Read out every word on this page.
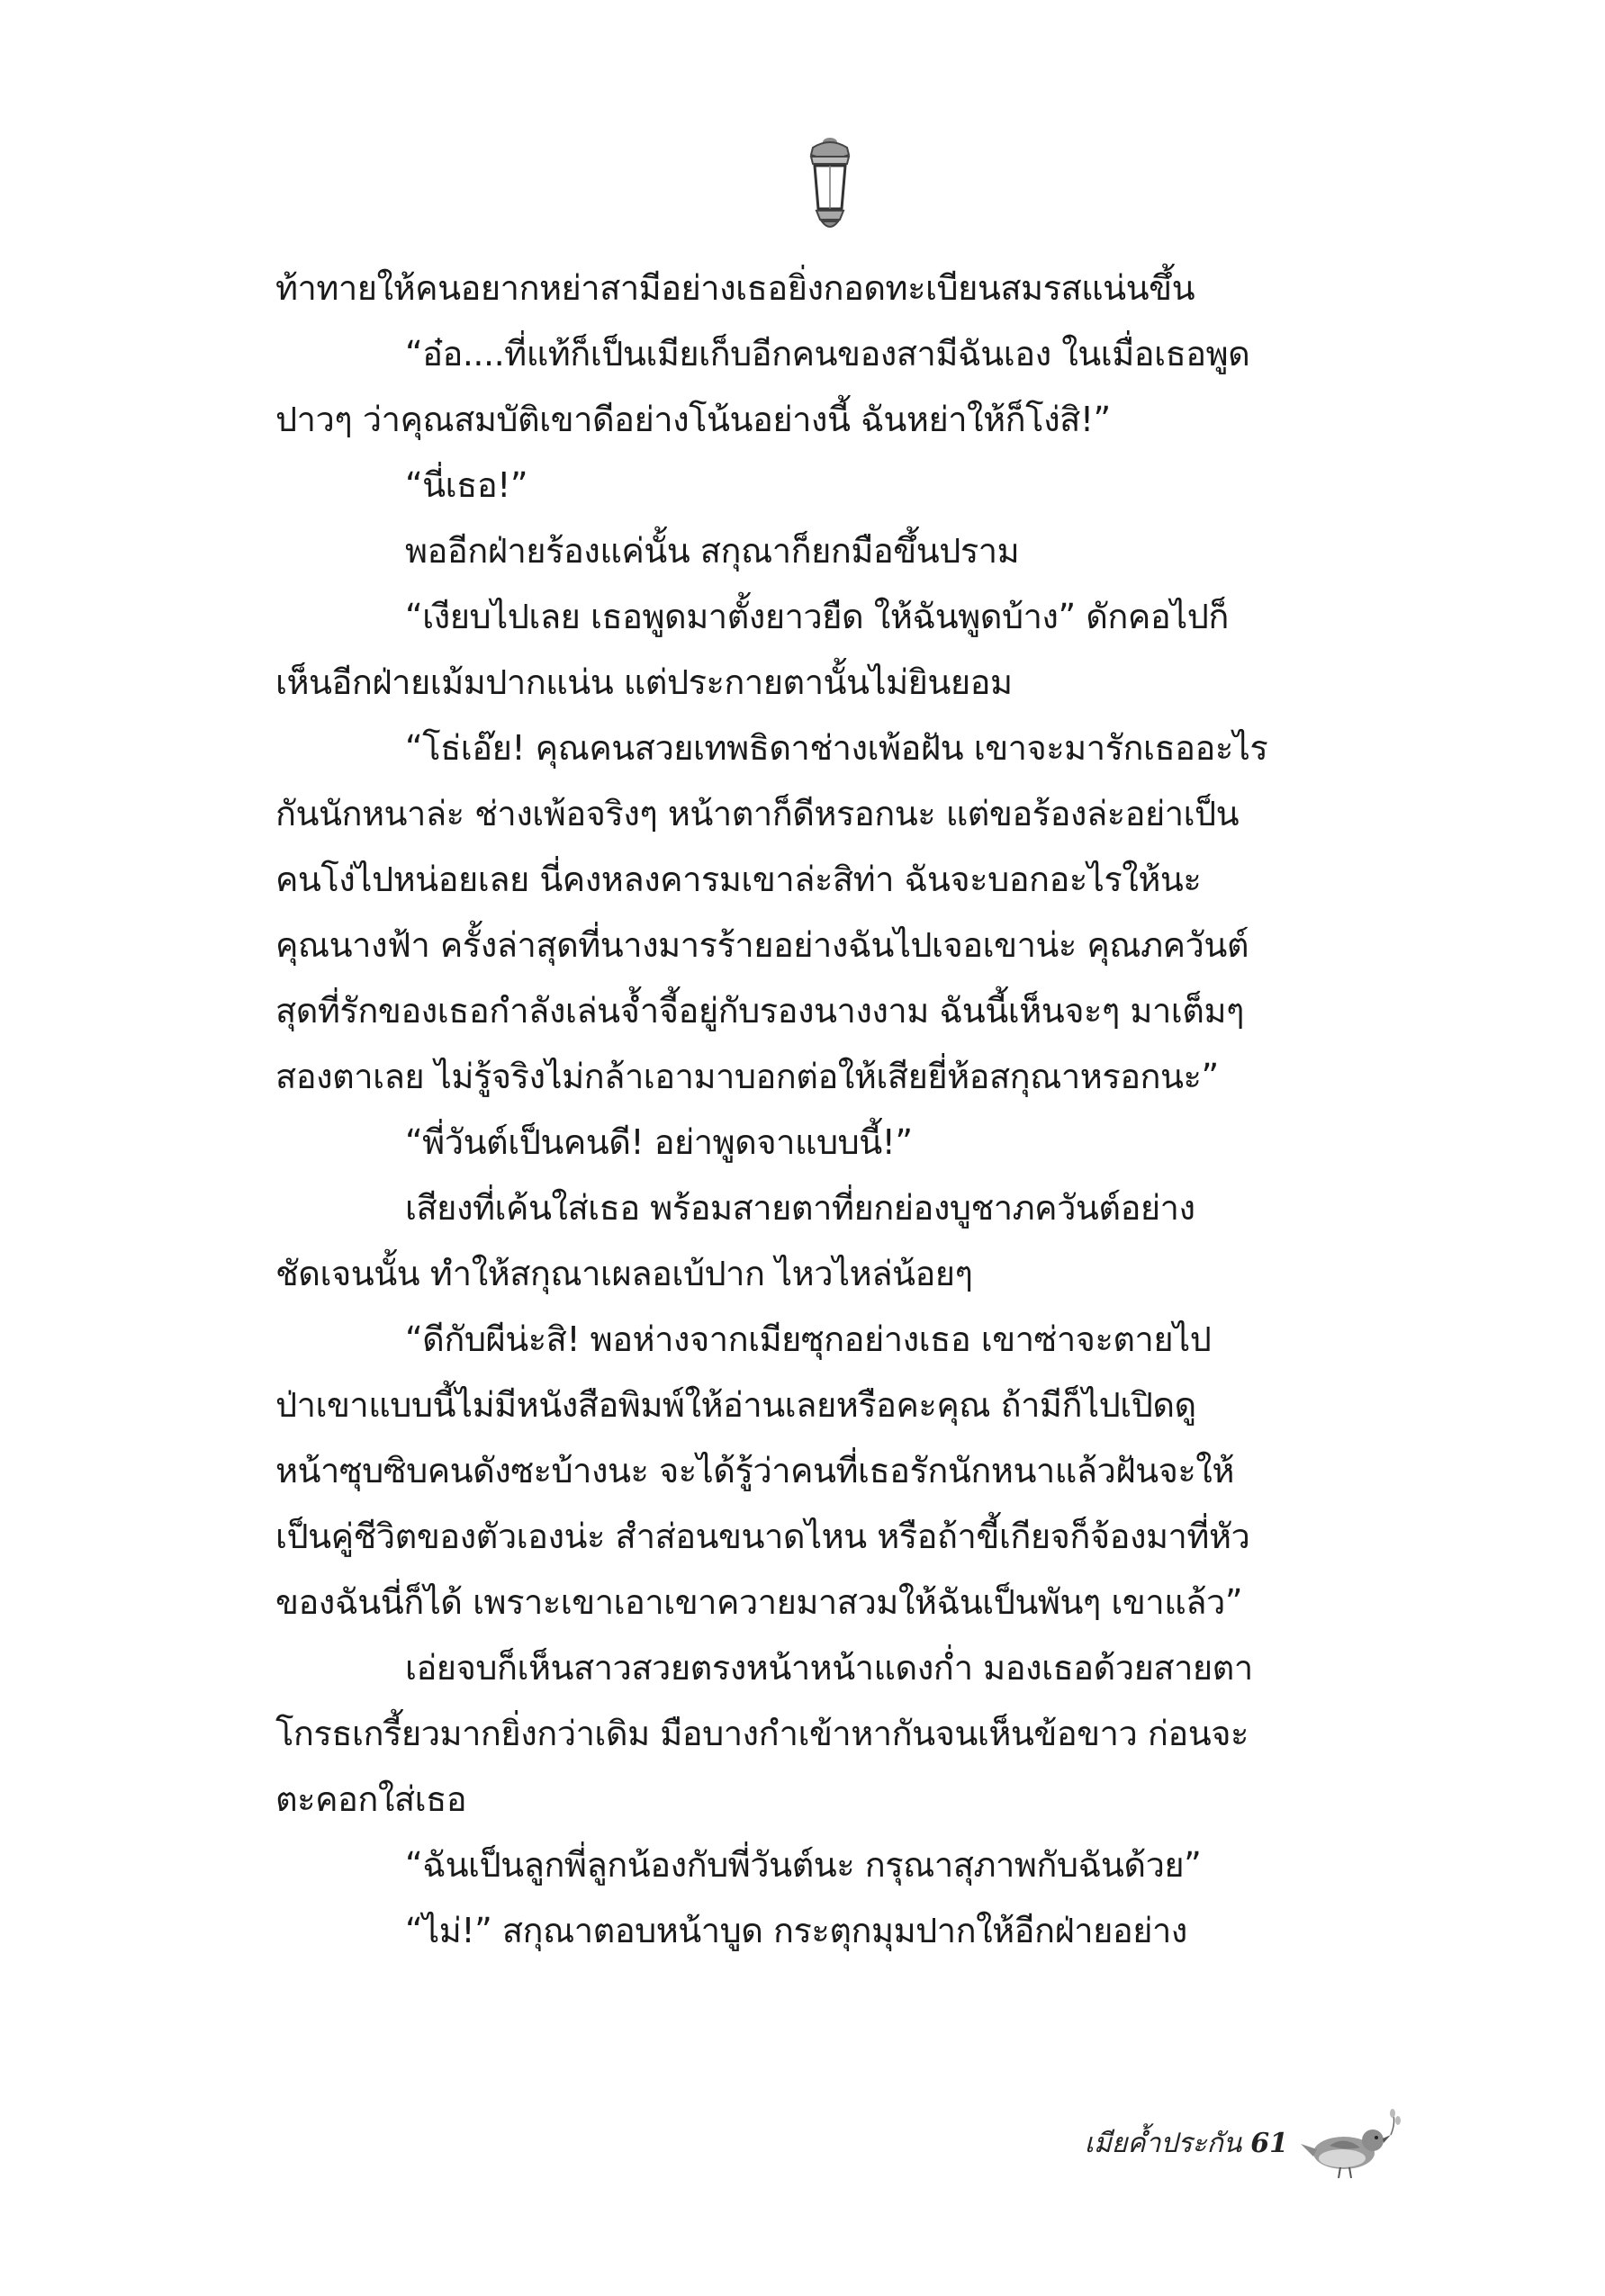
ท้าทายให้คนอยากหย่าสามีอย่างเธอยิ่งกอดทะเบียนสมรสแน่นขึ้น
“อ๋อ....ที่แท้ก็เป็นเมียเก็บอีกคนของสามีฉันเอง ในเมื่อเธอพูด
ปาวๆ ว่าคุณสมบัติเขาดีอย่างโน้นอย่างนี้ ฉันหย่าให้ก็โง่สิ!”
“นี่เธอ!”
พออีกฝ่ายร้องแค่นั้น สกุณาก็ยกมือขึ้นปราม
“เงียบไปเลย เธอพูดมาตั้งยาวยืด ให้ฉันพูดบ้าง” ดักคอไปก็
เห็นอีกฝ่ายเม้มปากแน่น แต่ประกายตานั้นไม่ยินยอม
“โธ่เอ๊ย! คุณคนสวยเทพธิดาช่างเพ้อฝัน เขาจะมารักเธออะไร
กันนักหนาล่ะ ช่างเพ้อจริงๆ หน้าตาก็ดีหรอกนะ แต่ขอร้องล่ะอย่าเป็น
คนโง่ไปหน่อยเลย นี่คงหลงคารมเขาล่ะสิท่า ฉันจะบอกอะไรให้นะ
คุณนางฟ้า ครั้งล่าสุดที่นางมารร้ายอย่างฉันไปเจอเขาน่ะ คุณภควันต์
สุดที่รักของเธอกำลังเล่นจ้ำจี้อยู่กับรองนางงาม ฉันนี้เห็นจะๆ มาเต็มๆ
สองตาเลย ไม่รู้จริงไม่กล้าเอามาบอกต่อให้เสียยี่ห้อสกุณาหรอกนะ”
“พี่วันต์เป็นคนดี! อย่าพูดจาแบบนี้!”
เสียงที่เค้นใส่เธอ พร้อมสายตาที่ยกย่องบูชาภควันต์อย่าง
ชัดเจนนั้น ทำให้สกุณาเผลอเบ้ปาก ไหวไหล่น้อยๆ
“ดีกับผีน่ะสิ! พอห่างจากเมียซุกอย่างเธอ เขาซ่าจะตายไป
ป่าเขาแบบนี้ไม่มีหนังสือพิมพ์ให้อ่านเลยหรือคะคุณ ถ้ามีก็ไปเปิดดู
หน้าซุบซิบคนดังซะบ้างนะ จะได้รู้ว่าคนที่เธอรักนักหนาแล้วฝันจะให้
เป็นคู่ชีวิตของตัวเองน่ะ สำส่อนขนาดไหน หรือถ้าขี้เกียจก็จ้องมาที่หัว
ของฉันนี่ก็ได้ เพราะเขาเอาเขาควายมาสวมให้ฉันเป็นพันๆ เขาแล้ว”
เอ่ยจบก็เห็นสาวสวยตรงหน้าหน้าแดงก่ำ มองเธอด้วยสายตา
โกรธเกรี้ยวมากยิ่งกว่าเดิม มือบางกำเข้าหากันจนเห็นข้อขาว ก่อนจะ
ตะคอกใส่เธอ
“ฉันเป็นลูกพี่ลูกน้องกับพี่วันต์นะ กรุณาสุภาพกับฉันด้วย”
“ไม่!” สกุณาตอบหน้าบูด กระตุกมุมปากให้อีกฝ่ายอย่าง
เมียค้ำประกัน 61
